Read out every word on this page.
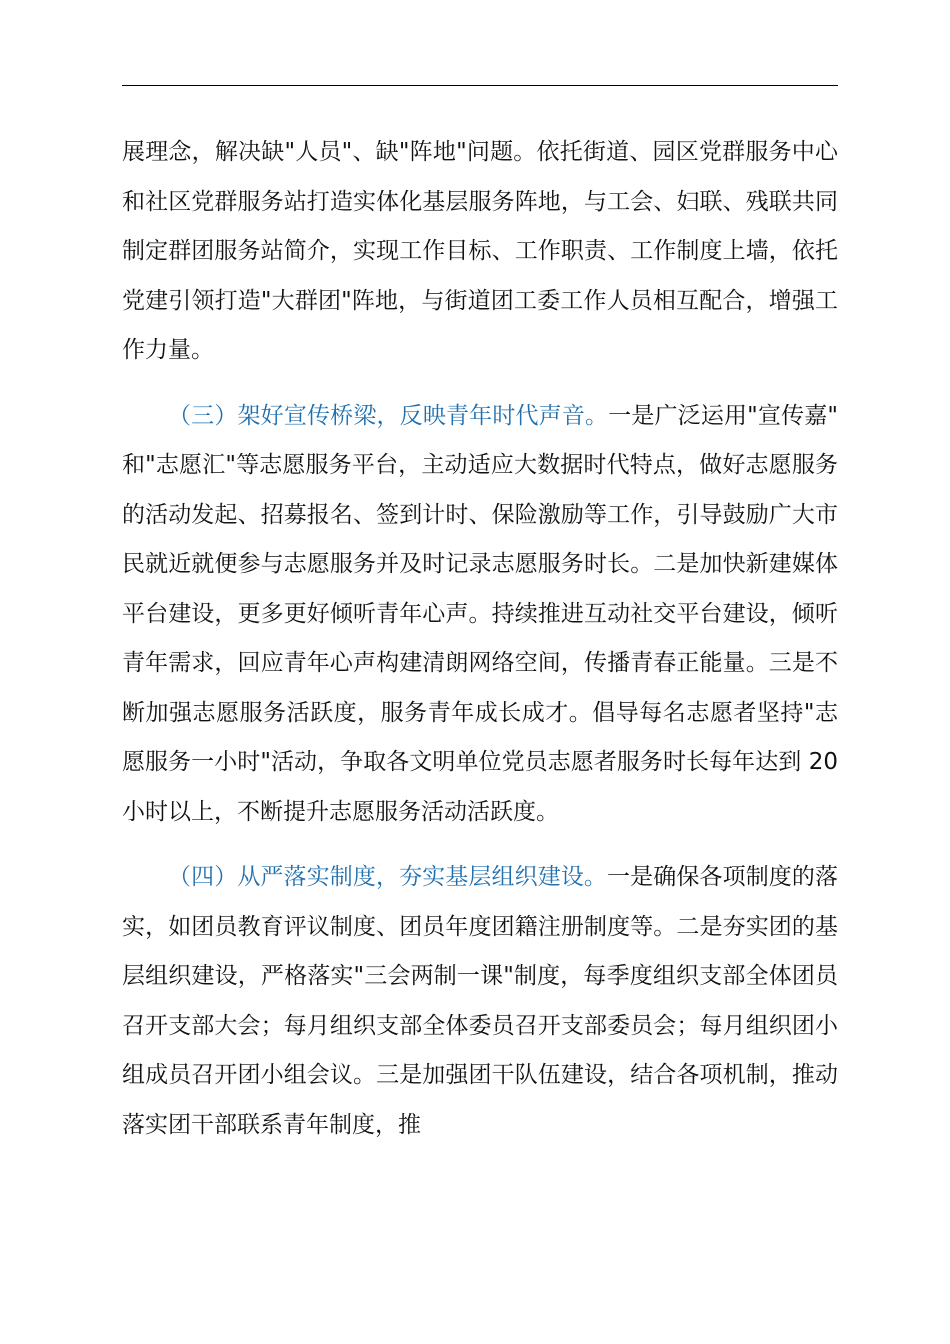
展理念，解决缺"人员"、缺"阵地"问题。依托街道、园区党群服务中心和社区党群服务站打造实体化基层服务阵地，与工会、妇联、残联共同制定群团服务站简介，实现工作目标、工作职责、工作制度上墙，依托党建引领打造"大群团"阵地，与街道团工委工作人员相互配合，增强工作力量。

（三）架好宣传桥梁，反映青年时代声音。一是广泛运用"宣传嘉"和"志愿汇"等志愿服务平台，主动适应大数据时代特点，做好志愿服务的活动发起、招募报名、签到计时、保险激励等工作，引导鼓励广大市民就近就便参与志愿服务并及时记录志愿服务时长。二是加快新建媒体平台建设，更多更好倾听青年心声。持续推进互动社交平台建设，倾听青年需求，回应青年心声构建清朗网络空间，传播青春正能量。三是不断加强志愿服务活跃度，服务青年成长成才。倡导每名志愿者坚持"志愿服务一小时"活动，争取各文明单位党员志愿者服务时长每年达到 20 小时以上，不断提升志愿服务活动活跃度。

（四）从严落实制度，夯实基层组织建设。一是确保各项制度的落实，如团员教育评议制度、团员年度团籍注册制度等。二是夯实团的基层组织建设，严格落实"三会两制一课"制度，每季度组织支部全体团员召开支部大会；每月组织支部全体委员召开支部委员会；每月组织团小组成员召开团小组会议。三是加强团干队伍建设，结合各项机制，推动落实团干部联系青年制度，推
